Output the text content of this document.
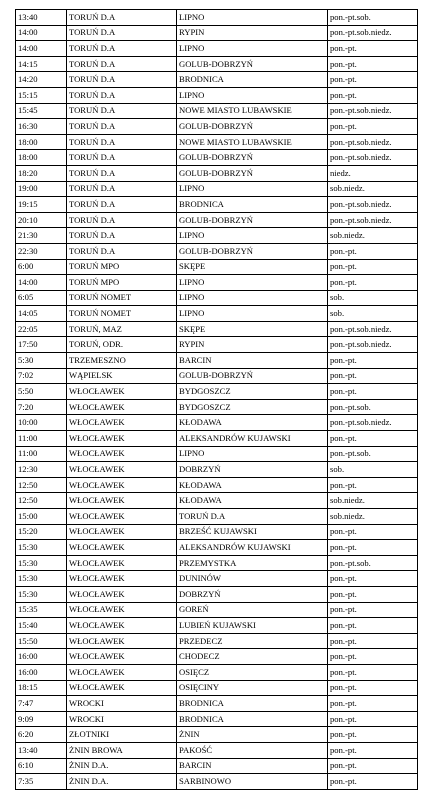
13:40	TORUŃ D.A	LIPNO	pon.-pt.sob.
14:00	TORUŃ D.A	RYPIN	pon.-pt.sob.niedz.
14:00	TORUŃ D.A	LIPNO	pon.-pt.
14:15	TORUŃ D.A	GOLUB-DOBRZYŃ	pon.-pt.
14:20	TORUŃ D.A	BRODNICA	pon.-pt.
15:15	TORUŃ D.A	LIPNO	pon.-pt.
15:45	TORUŃ D.A	NOWE MIASTO LUBAWSKIE	pon.-pt.sob.niedz.
16:30	TORUŃ D.A	GOLUB-DOBRZYŃ	pon.-pt.
18:00	TORUŃ D.A	NOWE MIASTO LUBAWSKIE	pon.-pt.sob.niedz.
18:00	TORUŃ D.A	GOLUB-DOBRZYŃ	pon.-pt.sob.niedz.
18:20	TORUŃ D.A	GOLUB-DOBRZYŃ	niedz.
19:00	TORUŃ D.A	LIPNO	sob.niedz.
19:15	TORUŃ D.A	BRODNICA	pon.-pt.sob.niedz.
20:10	TORUŃ D.A	GOLUB-DOBRZYŃ	pon.-pt.sob.niedz.
21:30	TORUŃ D.A	LIPNO	sob.niedz.
22:30	TORUŃ D.A	GOLUB-DOBRZYŃ	pon.-pt.
6:00	TORUŃ MPO	SKĘPE	pon.-pt.
14:00	TORUŃ MPO	LIPNO	pon.-pt.
6:05	TORUŃ NOMET	LIPNO	sob.
14:05	TORUŃ NOMET	LIPNO	sob.
22:05	TORUŃ, MAZ	SKĘPE	pon.-pt.sob.niedz.
17:50	TORUŃ, ODR.	RYPIN	pon.-pt.sob.niedz.
5:30	TRZEMESZNO	BARCIN	pon.-pt.
7:02	WĄPIELSK	GOLUB-DOBRZYŃ	pon.-pt.
5:50	WŁOCŁAWEK	BYDGOSZCZ	pon.-pt.
7:20	WŁOCŁAWEK	BYDGOSZCZ	pon.-pt.sob.
10:00	WŁOCŁAWEK	KŁODAWA	pon.-pt.sob.niedz.
11:00	WŁOCŁAWEK	ALEKSANDRÓW KUJAWSKI	pon.-pt.
11:00	WŁOCŁAWEK	LIPNO	pon.-pt.sob.
12:30	WŁOCŁAWEK	DOBRZYŃ	sob.
12:50	WŁOCŁAWEK	KŁODAWA	pon.-pt.
12:50	WŁOCŁAWEK	KŁODAWA	sob.niedz.
15:00	WŁOCŁAWEK	TORUŃ D.A	sob.niedz.
15:20	WŁOCŁAWEK	BRZEŚĆ KUJAWSKI	pon.-pt.
15:30	WŁOCŁAWEK	ALEKSANDRÓW KUJAWSKI	pon.-pt.
15:30	WŁOCŁAWEK	PRZEMYSTKA	pon.-pt.sob.
15:30	WŁOCŁAWEK	DUNINÓW	pon.-pt.
15:30	WŁOCŁAWEK	DOBRZYŃ	pon.-pt.
15:35	WŁOCŁAWEK	GOREŃ	pon.-pt.
15:40	WŁOCŁAWEK	LUBIEŃ KUJAWSKI	pon.-pt.
15:50	WŁOCŁAWEK	PRZEDECZ	pon.-pt.
16:00	WŁOCŁAWEK	CHODECZ	pon.-pt.
16:00	WŁOCŁAWEK	OSIĘCZ	pon.-pt.
18:15	WŁOCŁAWEK	OSIĘCINY	pon.-pt.
7:47	WROCKI	BRODNICA	pon.-pt.
9:09	WROCKI	BRODNICA	pon.-pt.
6:20	ZŁOTNIKI	ŻNIN	pon.-pt.
13:40	ŻNIN BROWA	PAKOŚĆ	pon.-pt.
6:10	ŻNIN D.A.	BARCIN	pon.-pt.
7:35	ŻNIN D.A.	SARBINOWO	pon.-pt.
